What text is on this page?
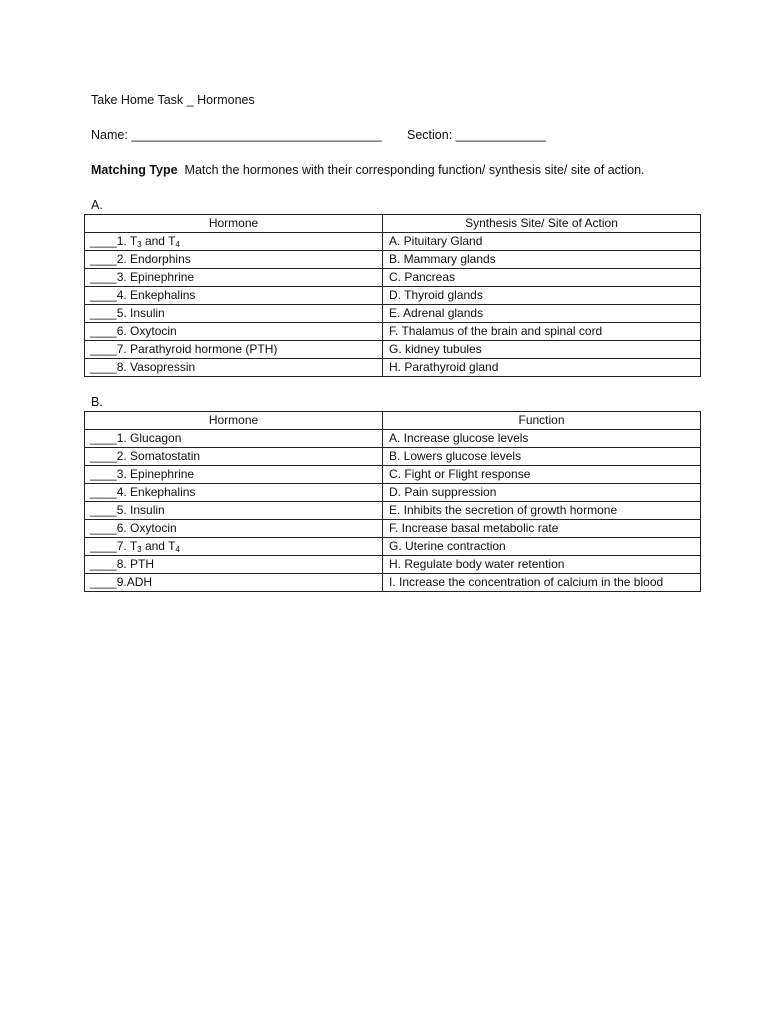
Take Home Task _ Hormones
Name: ____________________________________ Section: _____________
Matching Type  Match the hormones with their corresponding function/ synthesis site/ site of action.
A.
Hormone	Synthesis Site/ Site of Action
____1. $T_3$ and $T_4$	A. Pituitary Gland
____2. Endorphins	B. Mammary glands
____3. Epinephrine	C. Pancreas
____4. Enkephalins	D. Thyroid glands
____5. Insulin	E. Adrenal glands
____6. Oxytocin	F. Thalamus of the brain and spinal cord
____7. Parathyroid hormone (PTH)	G. kidney tubules
____8. Vasopressin	H. Parathyroid gland
B.
Hormone	Function
____1. Glucagon	A. Increase glucose levels
____2. Somatostatin	B. Lowers glucose levels
____3. Epinephrine	C. Fight or Flight response
____4. Enkephalins	D. Pain suppression
____5. Insulin	E. Inhibits the secretion of growth hormone
____6. Oxytocin	F. Increase basal metabolic rate
____7. $T_3$ and $T_4$	G. Uterine contraction
____8. PTH	H. Regulate body water retention
____9.ADH	I. Increase the concentration of calcium in the blood
